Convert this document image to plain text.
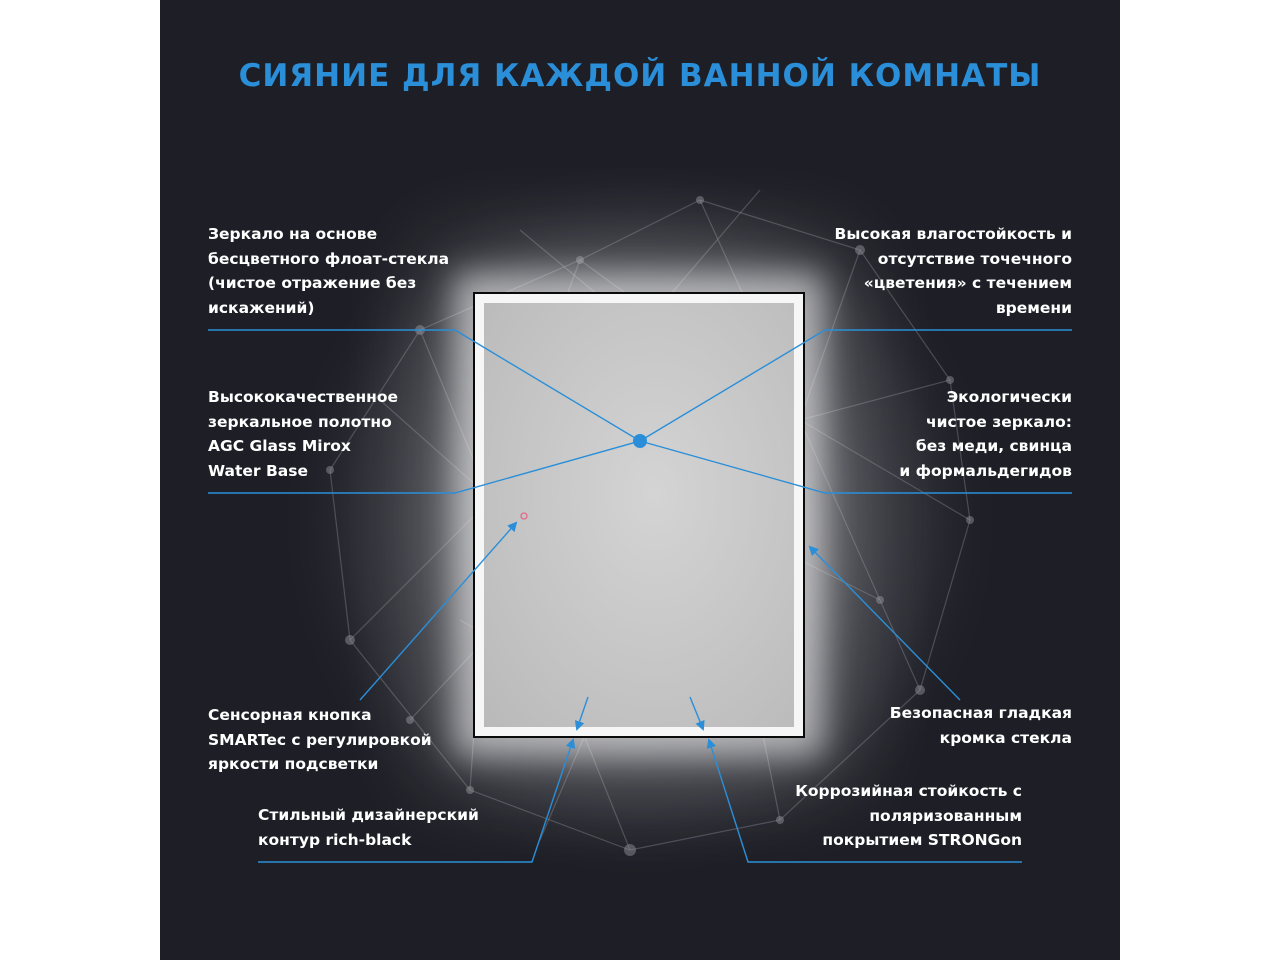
СИЯНИЕ ДЛЯ КАЖДОЙ ВАННОЙ КОМНАТЫ
Зеркало на основе
бесцветного флоат-стекла
(чистое отражение без
искажений)
Высококачественное
зеркальное полотно
AGC Glass Mirox
Water Base
Сенсорная кнопка
SMARTec с регулировкой
яркости подсветки
Стильный дизайнерский
контур rich-black
Высокая влагостойкость и
отсутствие точечного
«цветения» с течением
времени
Экологически
чистое зеркало:
без меди, свинца
и формальдегидов
Безопасная гладкая
кромка стекла
Коррозийная стойкость с
поляризованным
покрытием STRONGon
